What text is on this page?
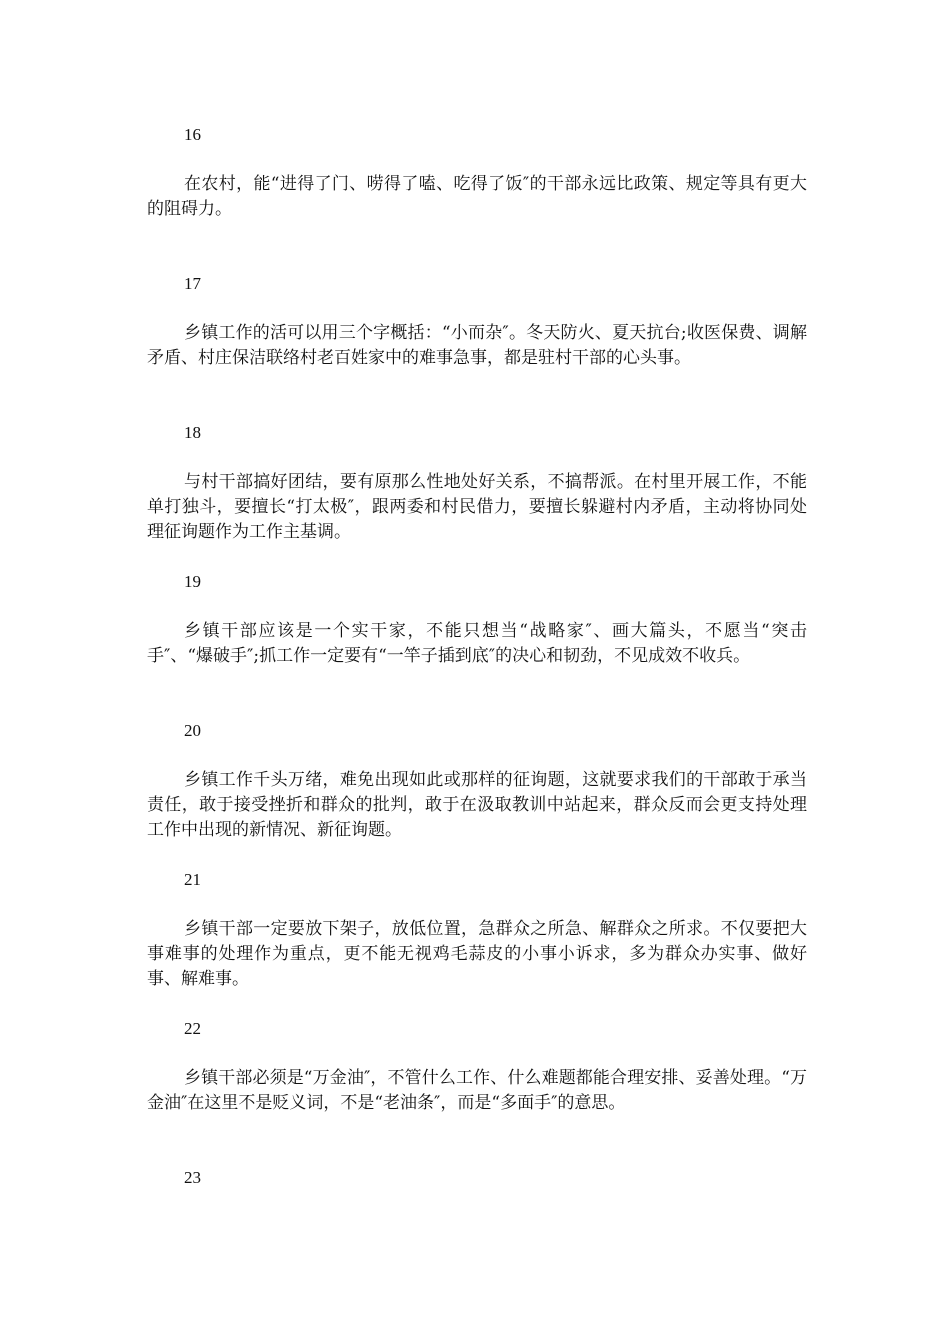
16

在农村，能“进得了门、唠得了嗑、吃得了饭″的干部永远比政策、规定等具有更大的阻碍力。

17

乡镇工作的活可以用三个字概括：“小而杂″。冬天防火、夏天抗台;收医保费、调解矛盾、村庄保洁联络村老百姓家中的难事急事，都是驻村干部的心头事。

18

与村干部搞好团结，要有原那么性地处好关系，不搞帮派。在村里开展工作，不能单打独斗，要擅长“打太极″，跟两委和村民借力，要擅长躲避村内矛盾，主动将协同处理征询题作为工作主基调。

19

乡镇干部应该是一个实干家，不能只想当“战略家″、画大篇头，不愿当“突击手″、“爆破手″;抓工作一定要有“一竿子插到底″的决心和韧劲，不见成效不收兵。

20

乡镇工作千头万绪，难免出现如此或那样的征询题，这就要求我们的干部敢于承当责任，敢于接受挫折和群众的批判，敢于在汲取教训中站起来，群众反而会更支持处理工作中出现的新情况、新征询题。

21

乡镇干部一定要放下架子，放低位置，急群众之所急、解群众之所求。不仅要把大事难事的处理作为重点，更不能无视鸡毛蒜皮的小事小诉求，多为群众办实事、做好事、解难事。

22

乡镇干部必须是“万金油″，不管什么工作、什么难题都能合理安排、妥善处理。“万金油″在这里不是贬义词，不是“老油条″，而是“多面手″的意思。

23
